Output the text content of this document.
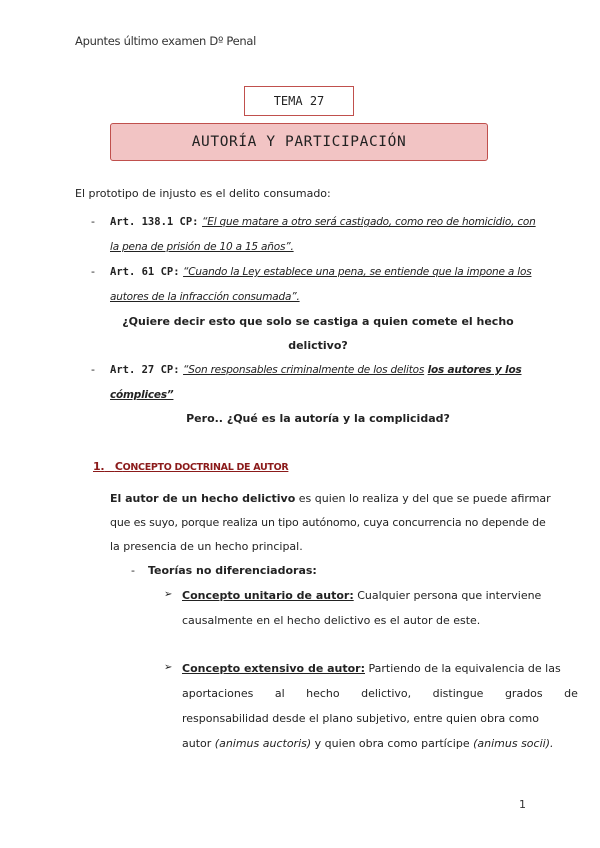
Apuntes último examen Dº Penal
TEMA 27
AUTORÍA Y PARTICIPACIÓN
El prototipo de injusto es el delito consumado:
- Art. 138.1 CP: “El que matare a otro será castigado, como reo de homicidio, con
la pena de prisión de 10 a 15 años”.
- Art. 61 CP: “Cuando la Ley establece una pena, se entiende que la impone a los
autores de la infracción consumada”.
¿Quiere decir esto que solo se castiga a quien comete el hecho
delictivo?
- Art. 27 CP: “Son responsables criminalmente de los delitos los autores y los
cómplices”
Pero.. ¿Qué es la autoría y la complicidad?
1. CONCEPTO DOCTRINAL DE AUTOR
El autor de un hecho delictivo es quien lo realiza y del que se puede afirmar
que es suyo, porque realiza un tipo autónomo, cuya concurrencia no depende de
la presencia de un hecho principal.
- Teorías no diferenciadoras:
➢ Concepto unitario de autor: Cualquier persona que interviene
causalmente en el hecho delictivo es el autor de este.
➢ Concepto extensivo de autor: Partiendo de la equivalencia de las
aportaciones al hecho delictivo, distingue grados de
responsabilidad desde el plano subjetivo, entre quien obra como
autor (animus auctoris) y quien obra como partícipe (animus socii).
1
